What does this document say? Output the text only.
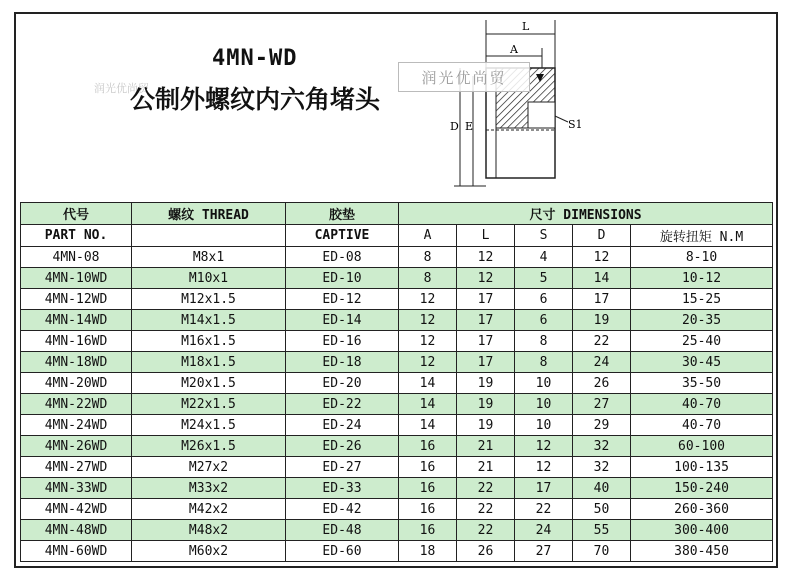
润光优尚贸
4MN-WD
公制外螺纹内六角堵头
L
A
D E	S1
润光优尚贸
代号	螺纹 THREAD	胶垫	尺寸 DIMENSIONS				
PART NO.		CAPTIVE	A	L	S	D	旋转扭矩 N.M
4MN-08	M8x1	ED-08	8	12	4	12	8-10
4MN-10WD	M10x1	ED-10	8	12	5	14	10-12
4MN-12WD	M12x1.5	ED-12	12	17	6	17	15-25
4MN-14WD	M14x1.5	ED-14	12	17	6	19	20-35
4MN-16WD	M16x1.5	ED-16	12	17	8	22	25-40
4MN-18WD	M18x1.5	ED-18	12	17	8	24	30-45
4MN-20WD	M20x1.5	ED-20	14	19	10	26	35-50
4MN-22WD	M22x1.5	ED-22	14	19	10	27	40-70
4MN-24WD	M24x1.5	ED-24	14	19	10	29	40-70
4MN-26WD	M26x1.5	ED-26	16	21	12	32	60-100
4MN-27WD	M27x2	ED-27	16	21	12	32	100-135
4MN-33WD	M33x2	ED-33	16	22	17	40	150-240
4MN-42WD	M42x2	ED-42	16	22	22	50	260-360
4MN-48WD	M48x2	ED-48	16	22	24	55	300-400
4MN-60WD	M60x2	ED-60	18	26	27	70	380-450
